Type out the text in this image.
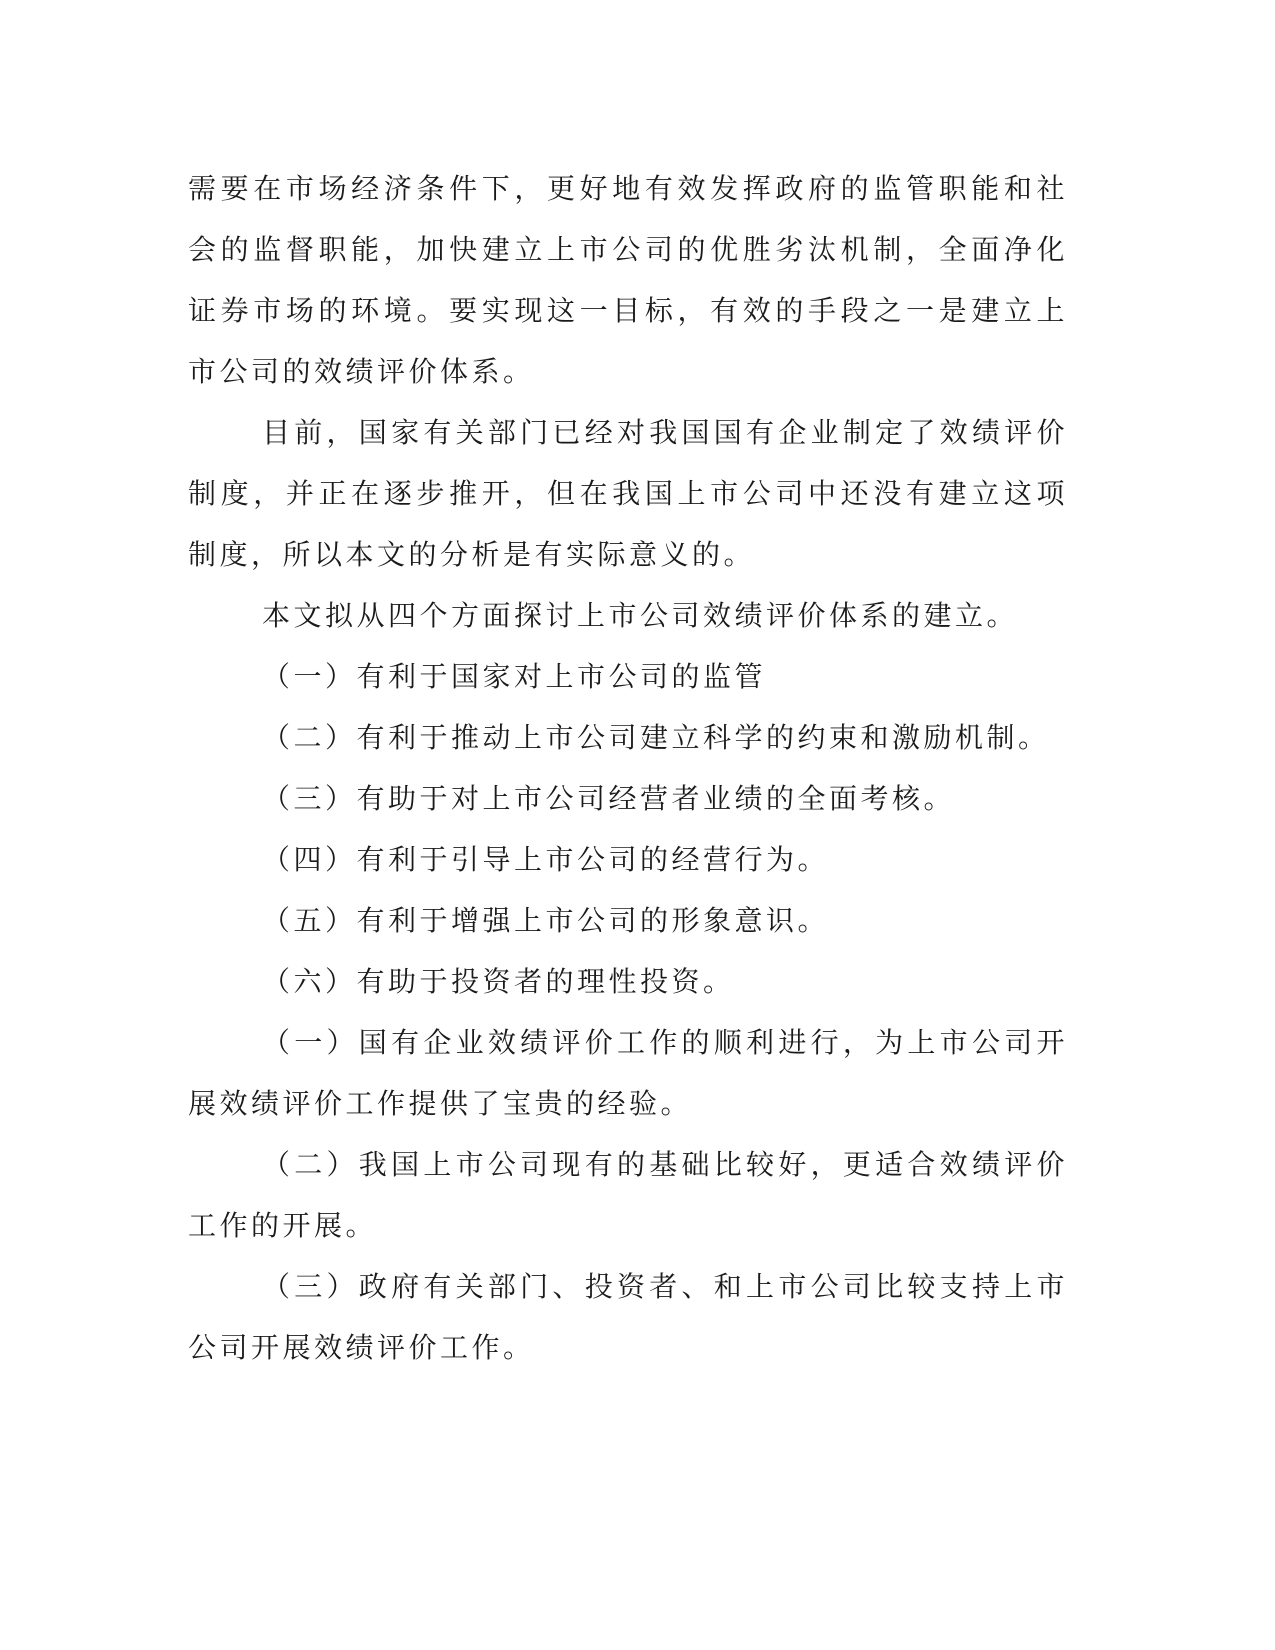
需要在市场经济条件下，更好地有效发挥政府的监管职能和社会的监督职能，加快建立上市公司的优胜劣汰机制，全面净化证券市场的环境。要实现这一目标，有效的手段之一是建立上市公司的效绩评价体系。

目前，国家有关部门已经对我国国有企业制定了效绩评价制度，并正在逐步推开，但在我国上市公司中还没有建立这项制度，所以本文的分析是有实际意义的。

本文拟从四个方面探讨上市公司效绩评价体系的建立。

（一）有利于国家对上市公司的监管

（二）有利于推动上市公司建立科学的约束和激励机制。

（三）有助于对上市公司经营者业绩的全面考核。

（四）有利于引导上市公司的经营行为。

（五）有利于增强上市公司的形象意识。

（六）有助于投资者的理性投资。

（一）国有企业效绩评价工作的顺利进行，为上市公司开展效绩评价工作提供了宝贵的经验。

（二）我国上市公司现有的基础比较好，更适合效绩评价工作的开展。

（三）政府有关部门、投资者、和上市公司比较支持上市公司开展效绩评价工作。
